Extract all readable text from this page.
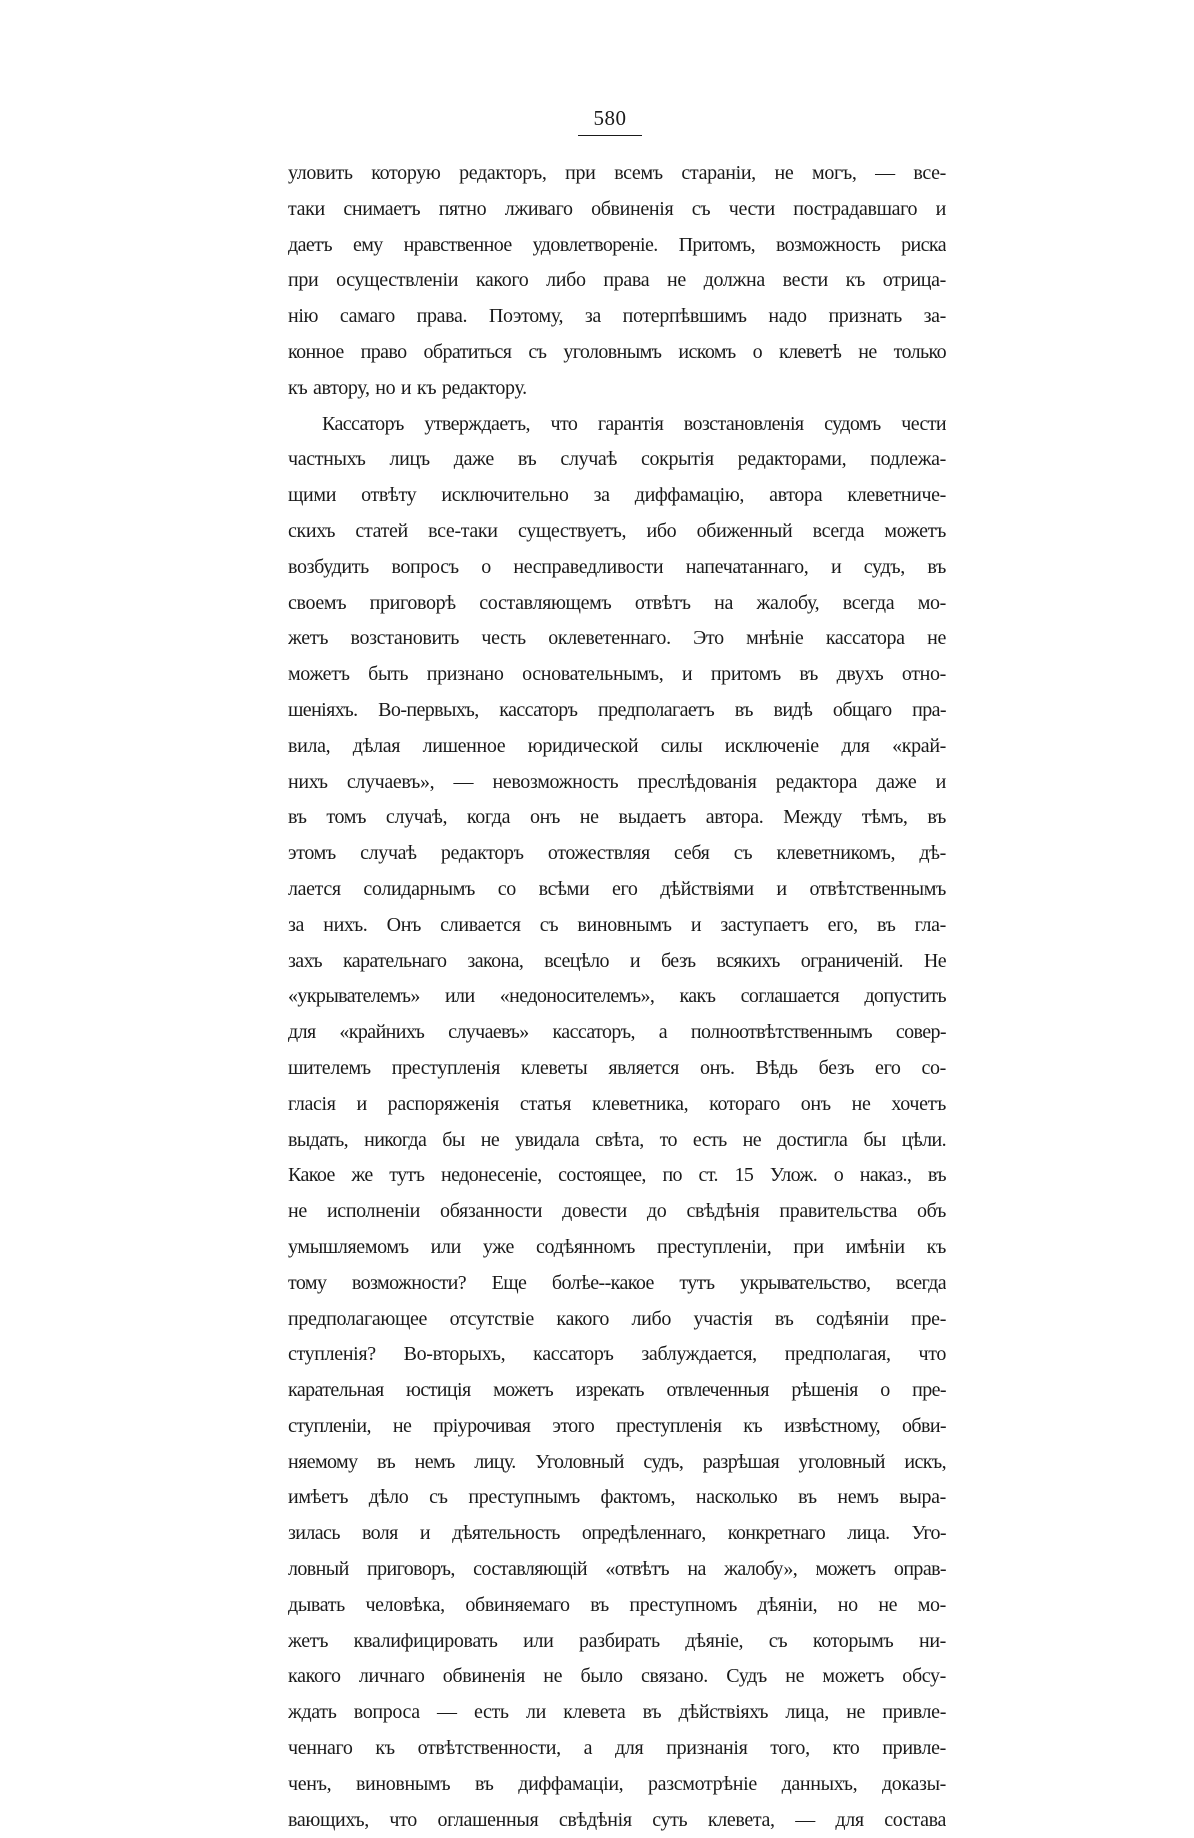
580
уловить которую редакторъ, при всемъ стараніи, не могъ, — все-
таки снимаетъ пятно лживаго обвиненія съ чести пострадавшаго и
даетъ ему нравственное удовлетвореніе. Притомъ, возможность риска
при осуществленіи какого либо права не должна вести къ отрица-
нію самаго права. Поэтому, за потерпѣвшимъ надо признать за-
конное право обратиться съ уголовнымъ искомъ о клеветѣ не только
къ автору, но и къ редактору.
Кассаторъ утверждаетъ, что гарантія возстановленія судомъ чести
частныхъ лицъ даже въ случаѣ сокрытія редакторами, подлежа-
щими отвѣту исключительно за диффамацію, автора клеветниче-
скихъ статей все-таки существуетъ, ибо обиженный всегда можетъ
возбудить вопросъ о несправедливости напечатаннаго, и судъ, въ
своемъ приговорѣ составляющемъ отвѣтъ на жалобу, всегда мо-
жетъ возстановить честь оклеветеннаго. Это мнѣніе кассатора не
можетъ быть признано основательнымъ, и притомъ въ двухъ отно-
шеніяхъ. Во-первыхъ, кассаторъ предполагаетъ въ видѣ общаго пра-
вила, дѣлая лишенное юридической силы исключеніе для «край-
нихъ случаевъ», — невозможность преслѣдованія редактора даже и
въ томъ случаѣ, когда онъ не выдаетъ автора. Между тѣмъ, въ
этомъ случаѣ редакторъ отожествляя себя съ клеветникомъ, дѣ-
лается солидарнымъ со всѣми его дѣйствіями и отвѣтственнымъ
за нихъ. Онъ сливается съ виновнымъ и заступаетъ его, въ гла-
захъ карательнаго закона, всецѣло и безъ всякихъ ограниченій. Не
«укрывателемъ» или «недоносителемъ», какъ соглашается допустить
для «крайнихъ случаевъ» кассаторъ, а полноотвѣтственнымъ совер-
шителемъ преступленія клеветы является онъ. Вѣдь безъ его со-
гласія и распоряженія статья клеветника, котораго онъ не хочетъ
выдать, никогда бы не увидала свѣта, то есть не достигла бы цѣли.
Какое же тутъ недонесеніе, состоящее, по ст. 15 Улож. о наказ., въ
не исполненіи обязанности довести до свѣдѣнія правительства объ
умышляемомъ или уже содѣянномъ преступленіи, при имѣніи къ
тому возможности? Еще болѣе--какое тутъ укрывательство, всегда
предполагающее отсутствіе какого либо участія въ содѣяніи пре-
ступленія? Во-вторыхъ, кассаторъ заблуждается, предполагая, что
карательная юстиція можетъ изрекать отвлеченныя рѣшенія о пре-
ступленіи, не пріурочивая этого преступленія къ извѣстному, обви-
няемому въ немъ лицу. Уголовный судъ, разрѣшая уголовный искъ,
имѣетъ дѣло съ преступнымъ фактомъ, насколько въ немъ выра-
зилась воля и дѣятельность опредѣленнаго, конкретнаго лица. Уго-
ловный приговоръ, составляющій «отвѣтъ на жалобу», можетъ оправ-
дывать человѣка, обвиняемаго въ преступномъ дѣяніи, но не мо-
жетъ квалифицировать или разбирать дѣяніе, съ которымъ ни-
какого личнаго обвиненія не было связано. Судъ не можетъ обсу-
ждать вопроса — есть ли клевета въ дѣйствіяхъ лица, не привле-
ченнаго къ отвѣтственности, а для признанія того, кто привле-
ченъ, виновнымъ въ диффамаціи, разсмотрѣніе данныхъ, доказы-
вающихъ, что оглашенныя свѣдѣнія суть клевета, — для состава
